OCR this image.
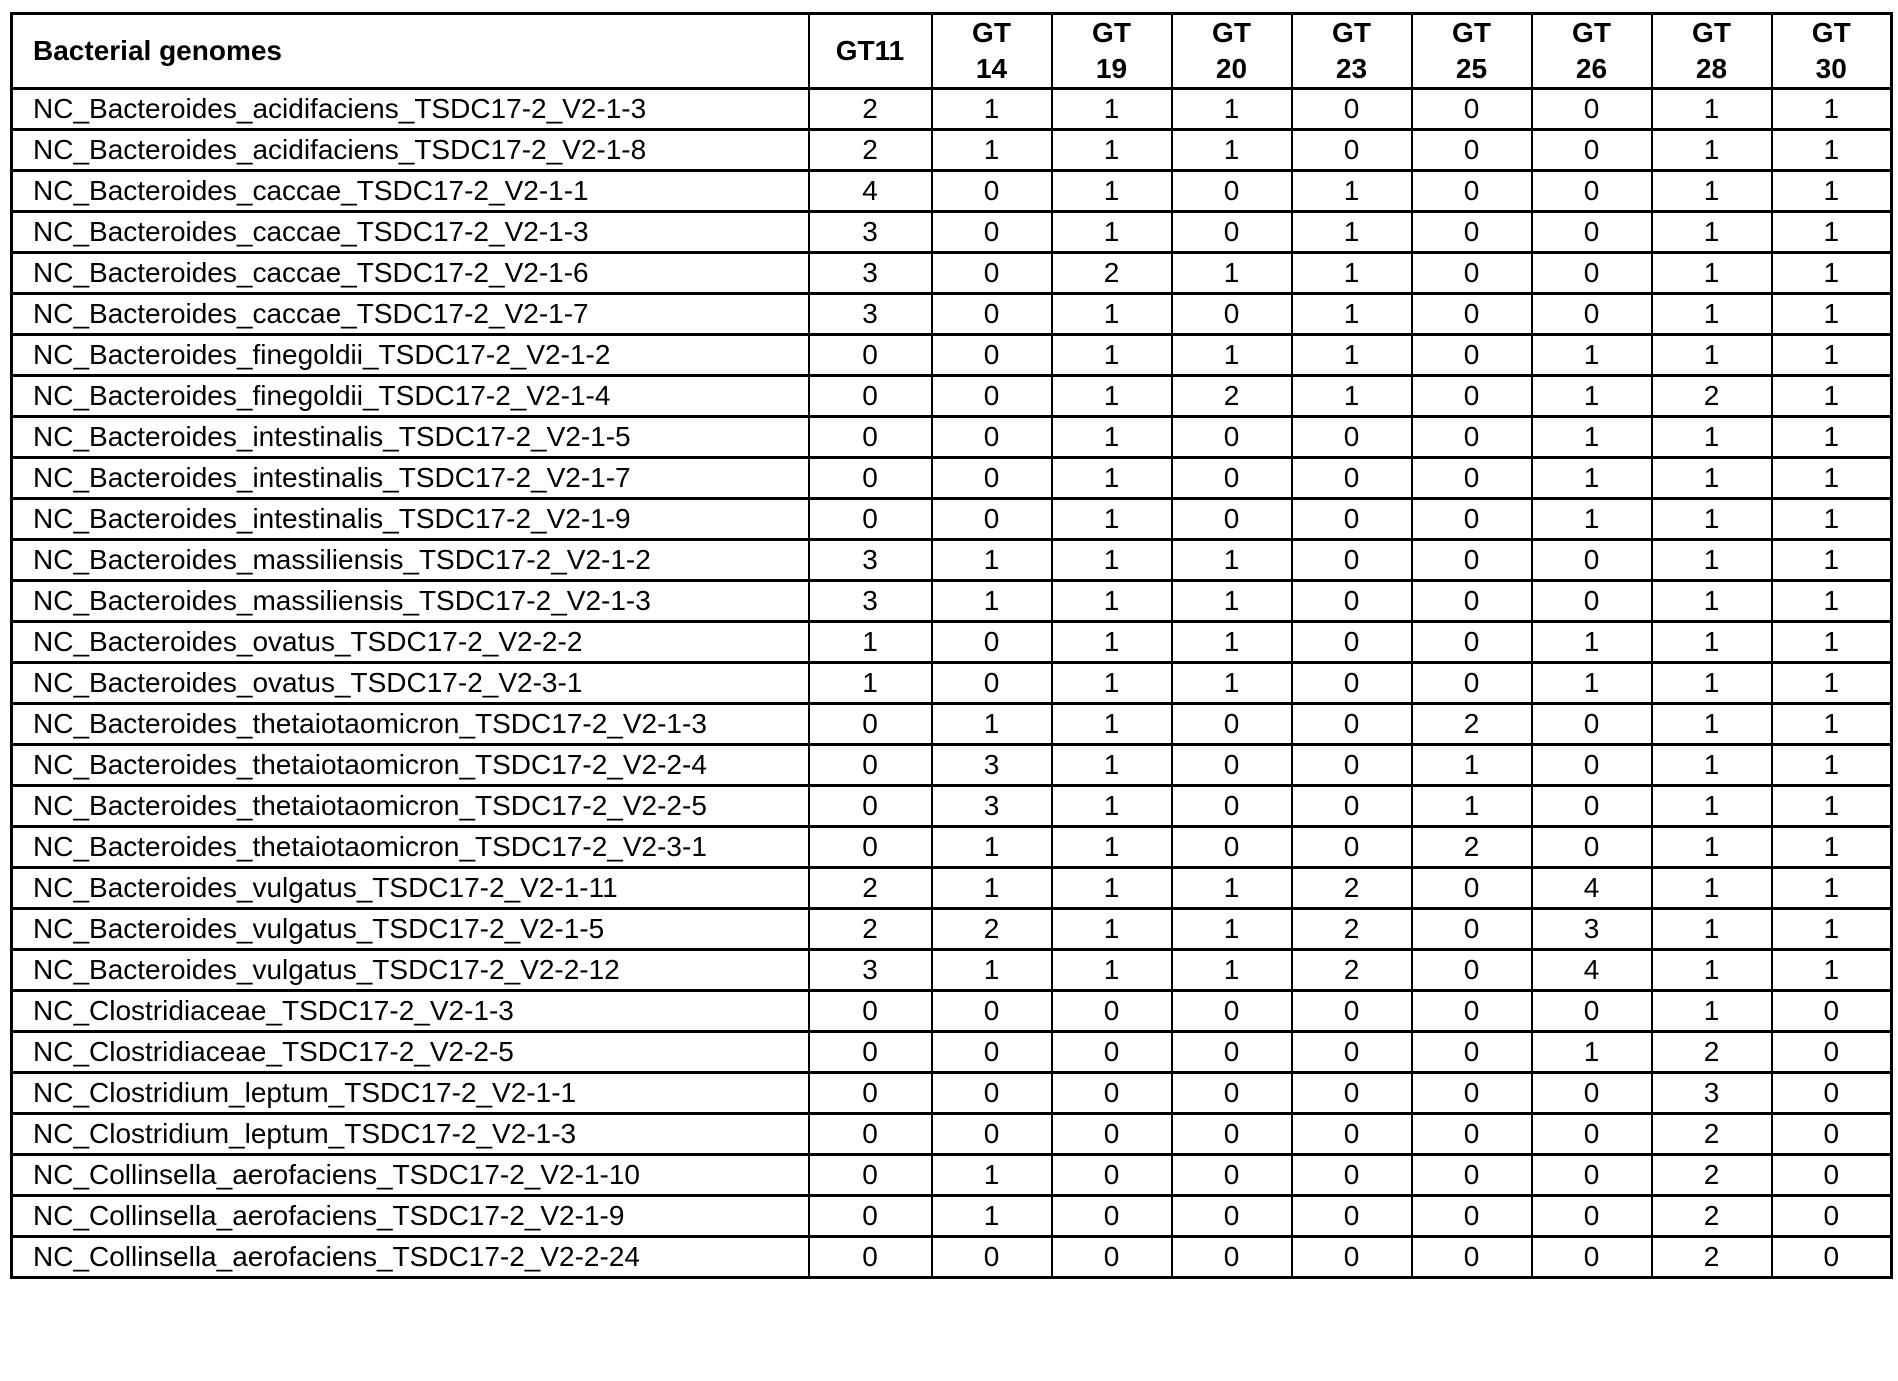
Bacterial genomes	GT11	GT
14	GT
19	GT
20	GT
23	GT
25	GT
26	GT
28	GT
30
NC_Bacteroides_acidifaciens_TSDC17-2_V2-1-3	2	1	1	1	0	0	0	1	1
NC_Bacteroides_acidifaciens_TSDC17-2_V2-1-8	2	1	1	1	0	0	0	1	1
NC_Bacteroides_caccae_TSDC17-2_V2-1-1	4	0	1	0	1	0	0	1	1
NC_Bacteroides_caccae_TSDC17-2_V2-1-3	3	0	1	0	1	0	0	1	1
NC_Bacteroides_caccae_TSDC17-2_V2-1-6	3	0	2	1	1	0	0	1	1
NC_Bacteroides_caccae_TSDC17-2_V2-1-7	3	0	1	0	1	0	0	1	1
NC_Bacteroides_finegoldii_TSDC17-2_V2-1-2	0	0	1	1	1	0	1	1	1
NC_Bacteroides_finegoldii_TSDC17-2_V2-1-4	0	0	1	2	1	0	1	2	1
NC_Bacteroides_intestinalis_TSDC17-2_V2-1-5	0	0	1	0	0	0	1	1	1
NC_Bacteroides_intestinalis_TSDC17-2_V2-1-7	0	0	1	0	0	0	1	1	1
NC_Bacteroides_intestinalis_TSDC17-2_V2-1-9	0	0	1	0	0	0	1	1	1
NC_Bacteroides_massiliensis_TSDC17-2_V2-1-2	3	1	1	1	0	0	0	1	1
NC_Bacteroides_massiliensis_TSDC17-2_V2-1-3	3	1	1	1	0	0	0	1	1
NC_Bacteroides_ovatus_TSDC17-2_V2-2-2	1	0	1	1	0	0	1	1	1
NC_Bacteroides_ovatus_TSDC17-2_V2-3-1	1	0	1	1	0	0	1	1	1
NC_Bacteroides_thetaiotaomicron_TSDC17-2_V2-1-3	0	1	1	0	0	2	0	1	1
NC_Bacteroides_thetaiotaomicron_TSDC17-2_V2-2-4	0	3	1	0	0	1	0	1	1
NC_Bacteroides_thetaiotaomicron_TSDC17-2_V2-2-5	0	3	1	0	0	1	0	1	1
NC_Bacteroides_thetaiotaomicron_TSDC17-2_V2-3-1	0	1	1	0	0	2	0	1	1
NC_Bacteroides_vulgatus_TSDC17-2_V2-1-11	2	1	1	1	2	0	4	1	1
NC_Bacteroides_vulgatus_TSDC17-2_V2-1-5	2	2	1	1	2	0	3	1	1
NC_Bacteroides_vulgatus_TSDC17-2_V2-2-12	3	1	1	1	2	0	4	1	1
NC_Clostridiaceae_TSDC17-2_V2-1-3	0	0	0	0	0	0	0	1	0
NC_Clostridiaceae_TSDC17-2_V2-2-5	0	0	0	0	0	0	1	2	0
NC_Clostridium_leptum_TSDC17-2_V2-1-1	0	0	0	0	0	0	0	3	0
NC_Clostridium_leptum_TSDC17-2_V2-1-3	0	0	0	0	0	0	0	2	0
NC_Collinsella_aerofaciens_TSDC17-2_V2-1-10	0	1	0	0	0	0	0	2	0
NC_Collinsella_aerofaciens_TSDC17-2_V2-1-9	0	1	0	0	0	0	0	2	0
NC_Collinsella_aerofaciens_TSDC17-2_V2-2-24	0	0	0	0	0	0	0	2	0
